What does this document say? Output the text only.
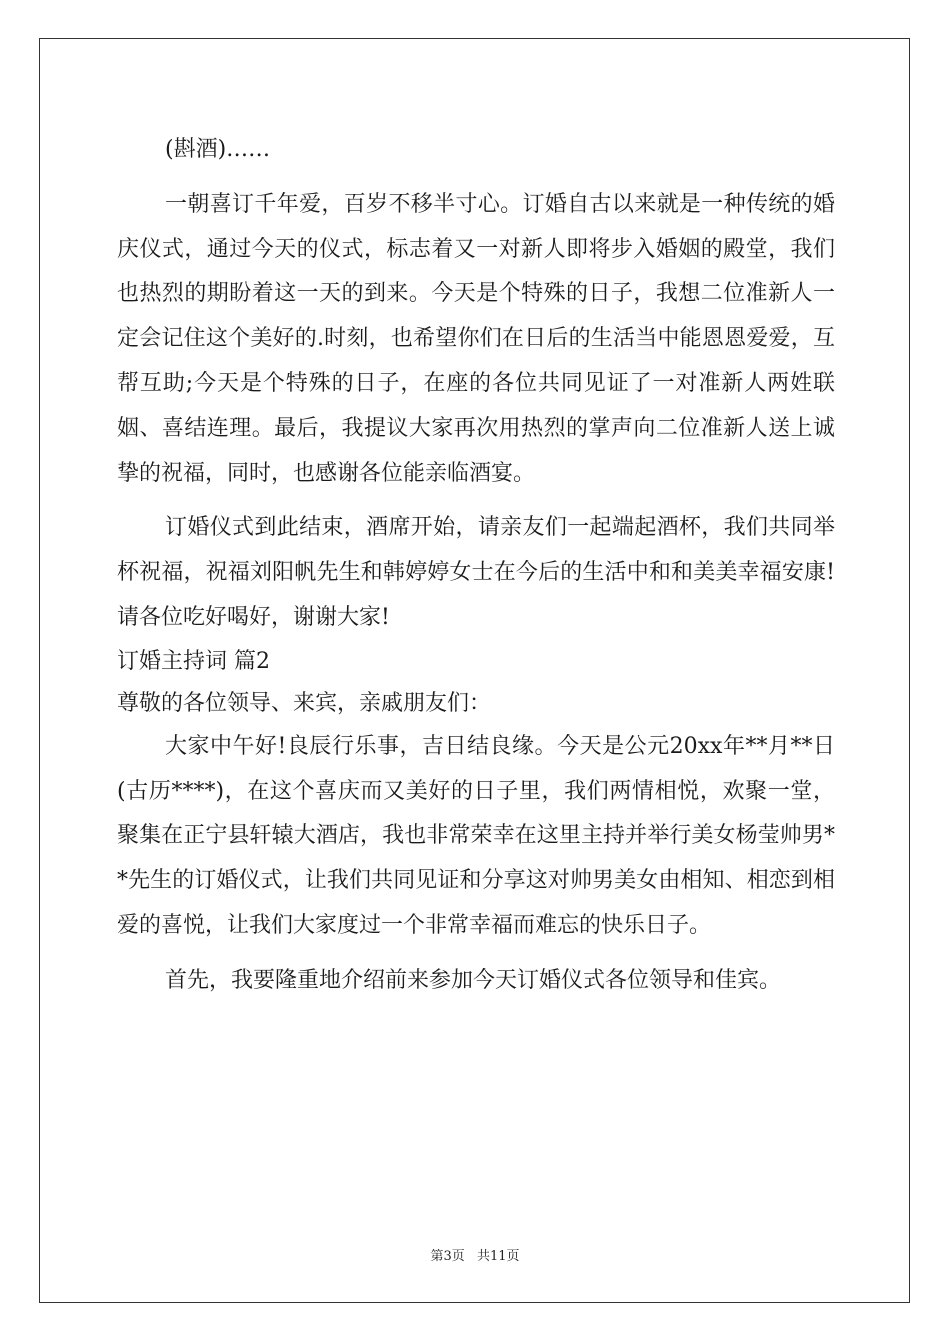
(斟酒)……

一朝喜订千年爱，百岁不移半寸心。订婚自古以来就是一种传统的婚庆仪式，通过今天的仪式，标志着又一对新人即将步入婚姻的殿堂，我们也热烈的期盼着这一天的到来。今天是个特殊的日子，我想二位准新人一定会记住这个美好的.时刻，也希望你们在日后的生活当中能恩恩爱爱，互帮互助;今天是个特殊的日子，在座的各位共同见证了一对准新人两姓联姻、喜结连理。最后，我提议大家再次用热烈的掌声向二位准新人送上诚挚的祝福，同时，也感谢各位能亲临酒宴。

订婚仪式到此结束，酒席开始，请亲友们一起端起酒杯，我们共同举杯祝福，祝福刘阳帆先生和韩婷婷女士在今后的生活中和和美美幸福安康!请各位吃好喝好，谢谢大家!

订婚主持词 篇2

尊敬的各位领导、来宾，亲戚朋友们：

大家中午好!良辰行乐事，吉日结良缘。今天是公元20xx年**月**日(古历****)，在这个喜庆而又美好的日子里，我们两情相悦，欢聚一堂，聚集在正宁县轩辕大酒店，我也非常荣幸在这里主持并举行美女杨莹帅男**先生的订婚仪式，让我们共同见证和分享这对帅男美女由相知、相恋到相爱的喜悦，让我们大家度过一个非常幸福而难忘的快乐日子。

首先，我要隆重地介绍前来参加今天订婚仪式各位领导和佳宾。

第3页 共11页
